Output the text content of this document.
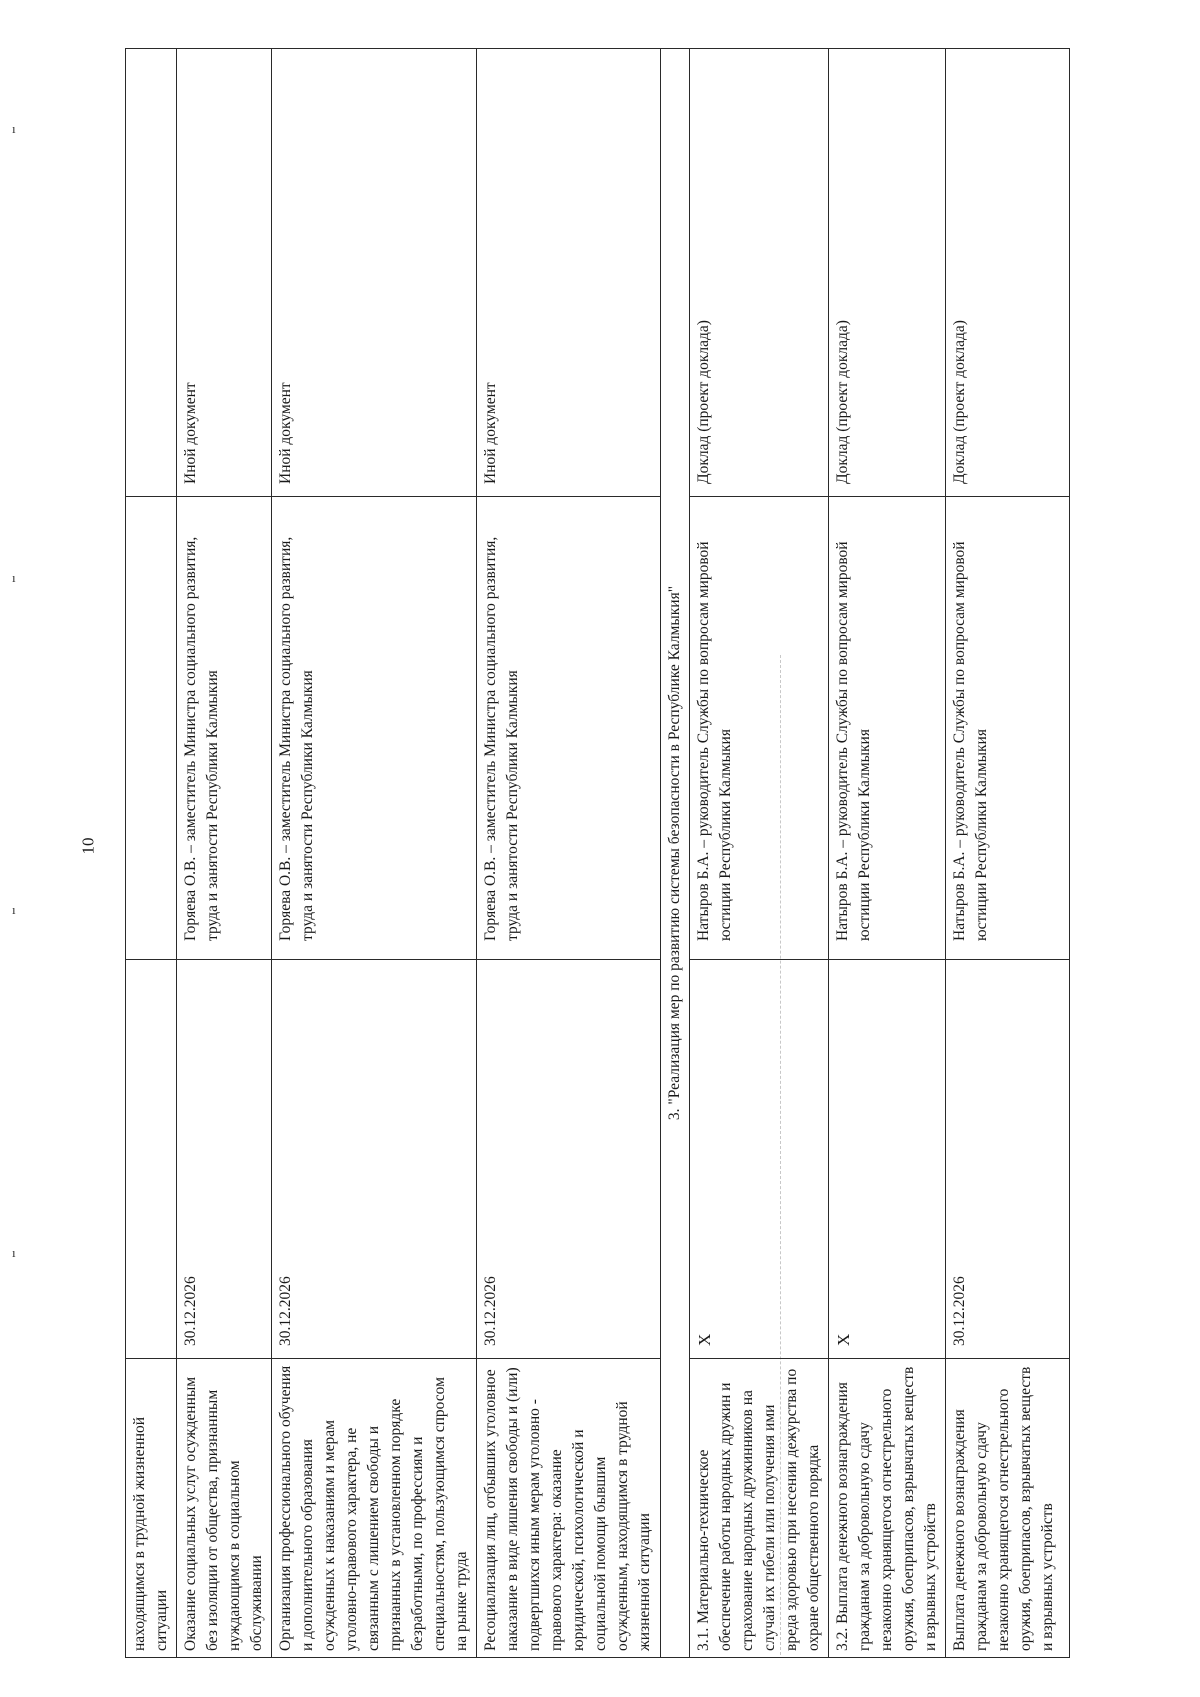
10
ı
ı
ı
ı
находящимся в трудной жизненной ситуации			
Оказание социальных услуг осужденным без изоляции от общества, признанным нуждающимся в социальном обслуживании	30.12.2026	Горяева О.В. – заместитель Министра социального развития, труда и занятости Республики Калмыкия	Иной документ
Организация профессионального обучения и дополнительного образования осужденных к наказаниям и мерам уголовно-правового характера, не связанным с лишением свободы и признанных в установленном порядке безработными, по профессиям и специальностям, пользующимся спросом на рынке труда	30.12.2026	Горяева О.В. – заместитель Министра социального развития, труда и занятости Республики Калмыкия	Иной документ
Ресоциализация лиц, отбывших уголовное наказание в виде лишения свободы и (или) подвергшихся иным мерам уголовно - правового характера: оказание юридической, психологической и социальной помощи бывшим осужденным, находящимся в трудной жизненной ситуации	30.12.2026	Горяева О.В. – заместитель Министра социального развития, труда и занятости Республики Калмыкия	Иной документ
3. "Реализация мер по развитию системы безопасности в Республике Калмыкия"			
3.1. Материально-техническое обеспечение работы народных дружин и страхование народных дружинников на случай их гибели или получения ими вреда здоровью при несении дежурства по охране общественного порядка	X	Натыров Б.А. – руководитель Службы по вопросам мировой юстиции Республики Калмыкия	Доклад (проект доклада)
3.2. Выплата денежного вознаграждения гражданам за добровольную сдачу незаконно хранящегося огнестрельного оружия, боеприпасов, взрывчатых веществ и взрывных устройств	X	Натыров Б.А. – руководитель Службы по вопросам мировой юстиции Республики Калмыкия	Доклад (проект доклада)
Выплата денежного вознаграждения гражданам за добровольную сдачу незаконно хранящегося огнестрельного оружия, боеприпасов, взрывчатых веществ и взрывных устройств	30.12.2026	Натыров Б.А. – руководитель Службы по вопросам мировой юстиции Республики Калмыкия	Доклад (проект доклада)
